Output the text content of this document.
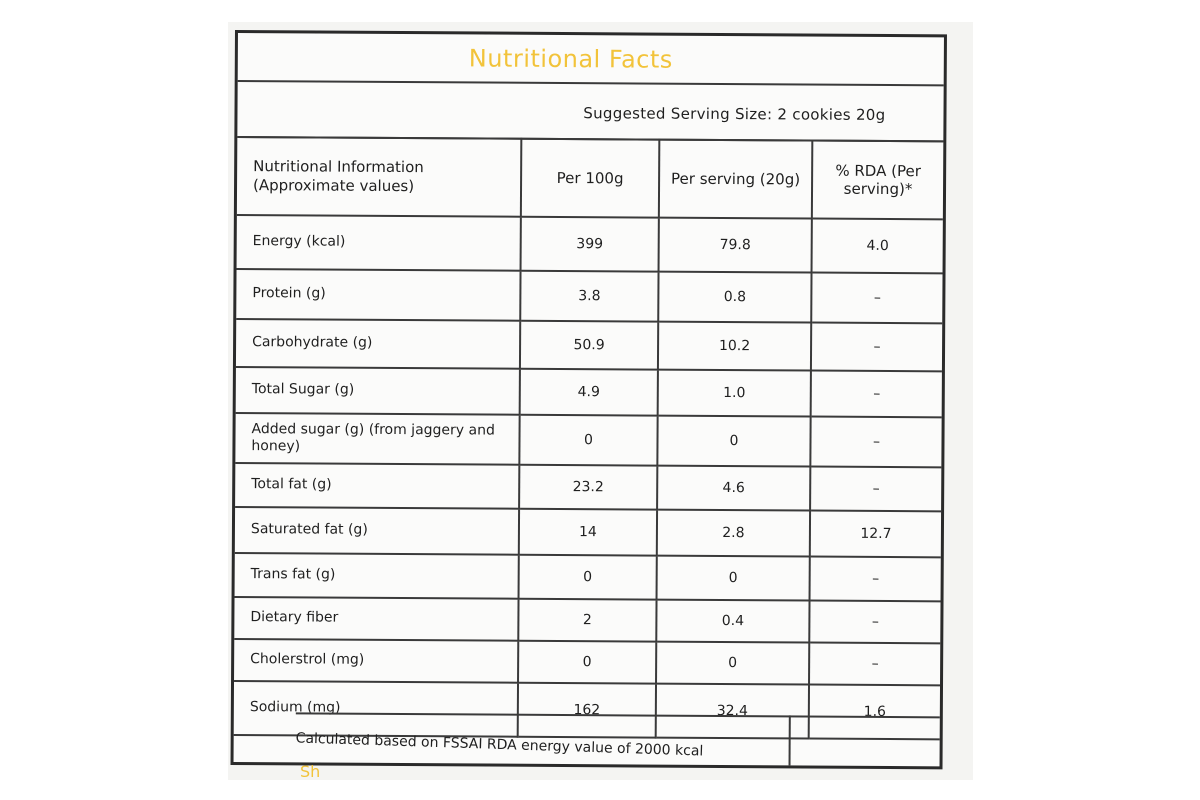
Nutritional Facts
Suggested Serving Size: 2 cookies 20g
Nutritional Information (Approximate values)	Per 100g	Per serving (20g)	% RDA (Per serving)*
Energy (kcal)	399	79.8	4.0
Protein (g)	3.8	0.8	–
Carbohydrate (g)	50.9	10.2	–
Total Sugar (g)	4.9	1.0	–
Added sugar (g) (from jaggery and honey)	0	0	–
Total fat (g)	23.2	4.6	–
Saturated fat (g)	14	2.8	12.7
Trans fat (g)	0	0	–
Dietary fiber	2	0.4	–
Cholerstrol (mg)	0	0	–
Sodium (mg)	162	32.4	1.6
Calculated based on FSSAI RDA energy value of 2000 kcal
Sh
